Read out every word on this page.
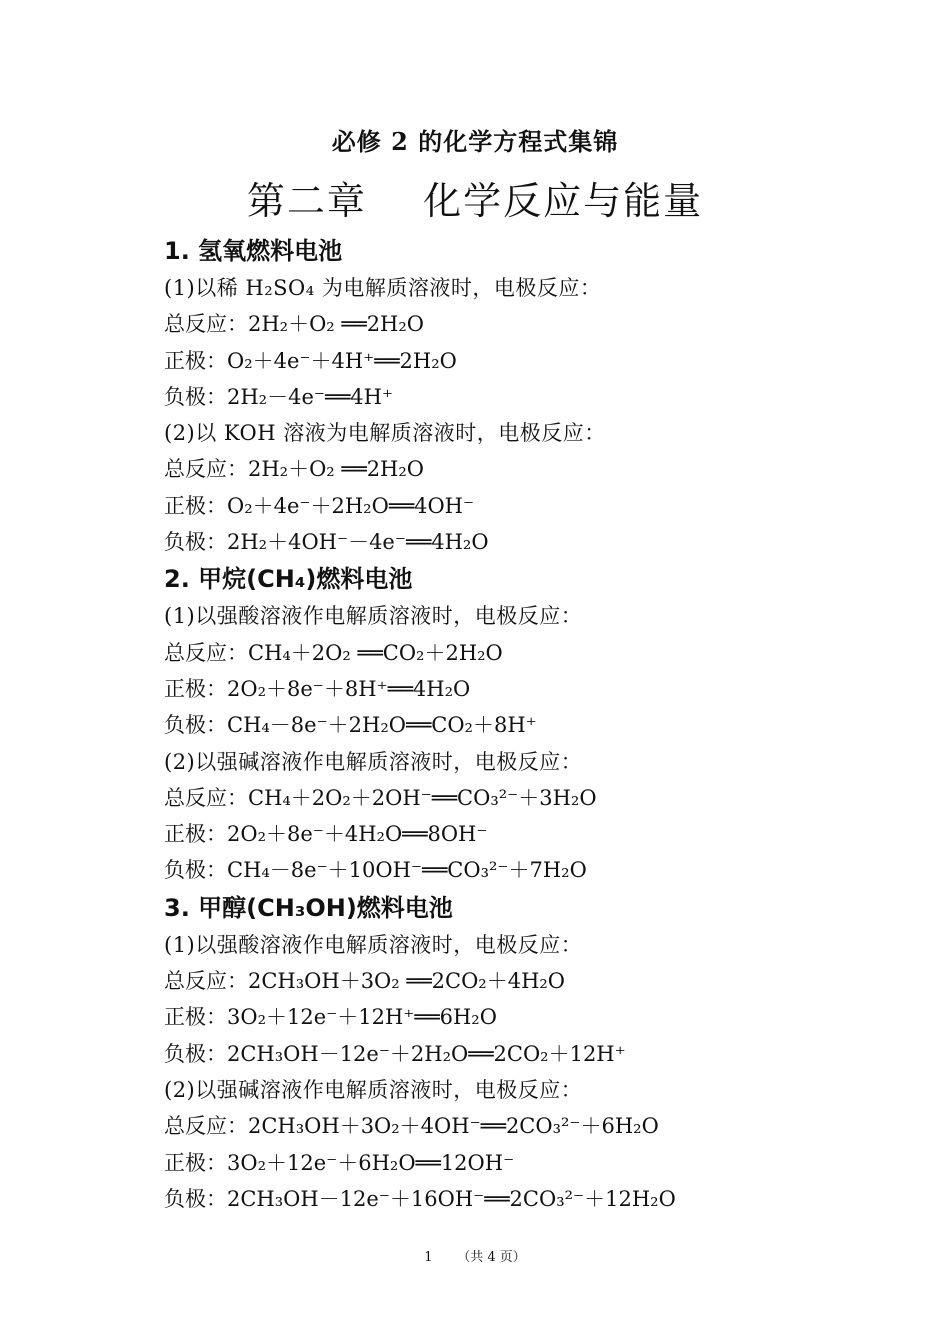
必修 2 的化学方程式集锦
第二章    化学反应与能量
1. 氢氧燃料电池
(1)以稀 H₂SO₄ 为电解质溶液时，电极反应：
总反应：2H₂＋O₂ ══2H₂O
正极：O₂＋4e⁻＋4H⁺══2H₂O
负极：2H₂－4e⁻══4H⁺
(2)以 KOH 溶液为电解质溶液时，电极反应：
总反应：2H₂＋O₂ ══2H₂O
正极：O₂＋4e⁻＋2H₂O══4OH⁻
负极：2H₂＋4OH⁻－4e⁻══4H₂O
2. 甲烷(CH₄)燃料电池
(1)以强酸溶液作电解质溶液时，电极反应：
总反应：CH₄＋2O₂ ══CO₂＋2H₂O
正极：2O₂＋8e⁻＋8H⁺══4H₂O
负极：CH₄－8e⁻＋2H₂O══CO₂＋8H⁺
(2)以强碱溶液作电解质溶液时，电极反应：
总反应：CH₄＋2O₂＋2OH⁻══CO₃²⁻＋3H₂O
正极：2O₂＋8e⁻＋4H₂O══8OH⁻
负极：CH₄－8e⁻＋10OH⁻══CO₃²⁻＋7H₂O
3. 甲醇(CH₃OH)燃料电池
(1)以强酸溶液作电解质溶液时，电极反应：
总反应：2CH₃OH＋3O₂ ══2CO₂＋4H₂O
正极：3O₂＋12e⁻＋12H⁺══6H₂O
负极：2CH₃OH－12e⁻＋2H₂O══2CO₂＋12H⁺
(2)以强碱溶液作电解质溶液时，电极反应：
总反应：2CH₃OH＋3O₂＋4OH⁻══2CO₃²⁻＋6H₂O
正极：3O₂＋12e⁻＋6H₂O══12OH⁻
负极：2CH₃OH－12e⁻＋16OH⁻══2CO₃²⁻＋12H₂O
1 （共 4 页）
